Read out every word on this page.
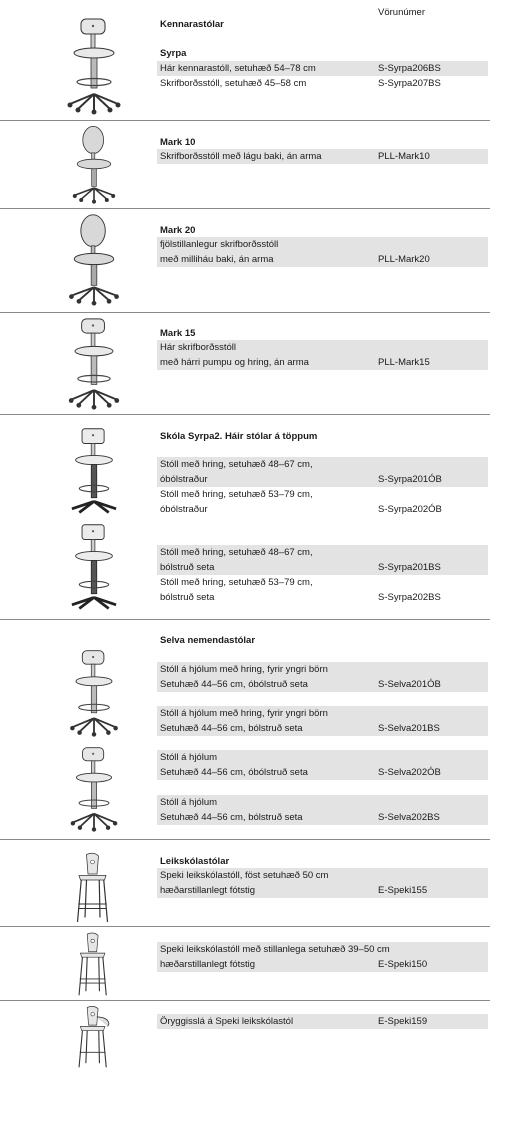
Vörunúmer
Kennarastólar
Syrpa
Hár kennarastóll, setuhæð 54–78 cm	S-Syrpa206BS
Skrifborðsstóll, setuhæð 45–58 cm	S-Syrpa207BS
Mark 10
Skrifborðsstóll með lágu baki, án arma	PLL-Mark10
Mark 20
fjölstillanlegur skrifborðsstóll
með milliháu baki, án arma	PLL-Mark20
Mark 15
Hár skrifborðsstóll
með hárri pumpu og hring, án arma	PLL-Mark15
Skóla Syrpa2. Háir stólar á töppum
Stóll með hring, setuhæð 48–67 cm,
óbólstraður	S-Syrpa201ÓB
Stóll með hring, setuhæð 53–79 cm,
óbólstraður	S-Syrpa202ÓB
Stóll með hring, setuhæð 48–67 cm,
bólstruð seta	S-Syrpa201BS
Stóll með hring, setuhæð 53–79 cm,
bólstruð seta	S-Syrpa202BS
Selva nemendastólar
Stóll á hjólum með hring, fyrir yngri börn
Setuhæð 44–56 cm, óbólstruð seta	S-Selva201ÓB
Stóll á hjólum með hring, fyrir yngri börn
Setuhæð 44–56 cm, bólstruð seta	S-Selva201BS
Stóll á hjólum
Setuhæð 44–56 cm, óbólstruð seta	S-Selva202ÓB
Stóll á hjólum
Setuhæð 44–56 cm, bólstruð seta	S-Selva202BS
Leikskólastólar
Speki leikskólastóll, föst setuhæð 50 cm
hæðarstillanlegt fótstig	E-Speki155
Speki leikskólastóll með stillanlega setuhæð 39–50 cm
hæðarstillanlegt fótstig	E-Speki150
Öryggisslá á Speki leikskólastól	E-Speki159
